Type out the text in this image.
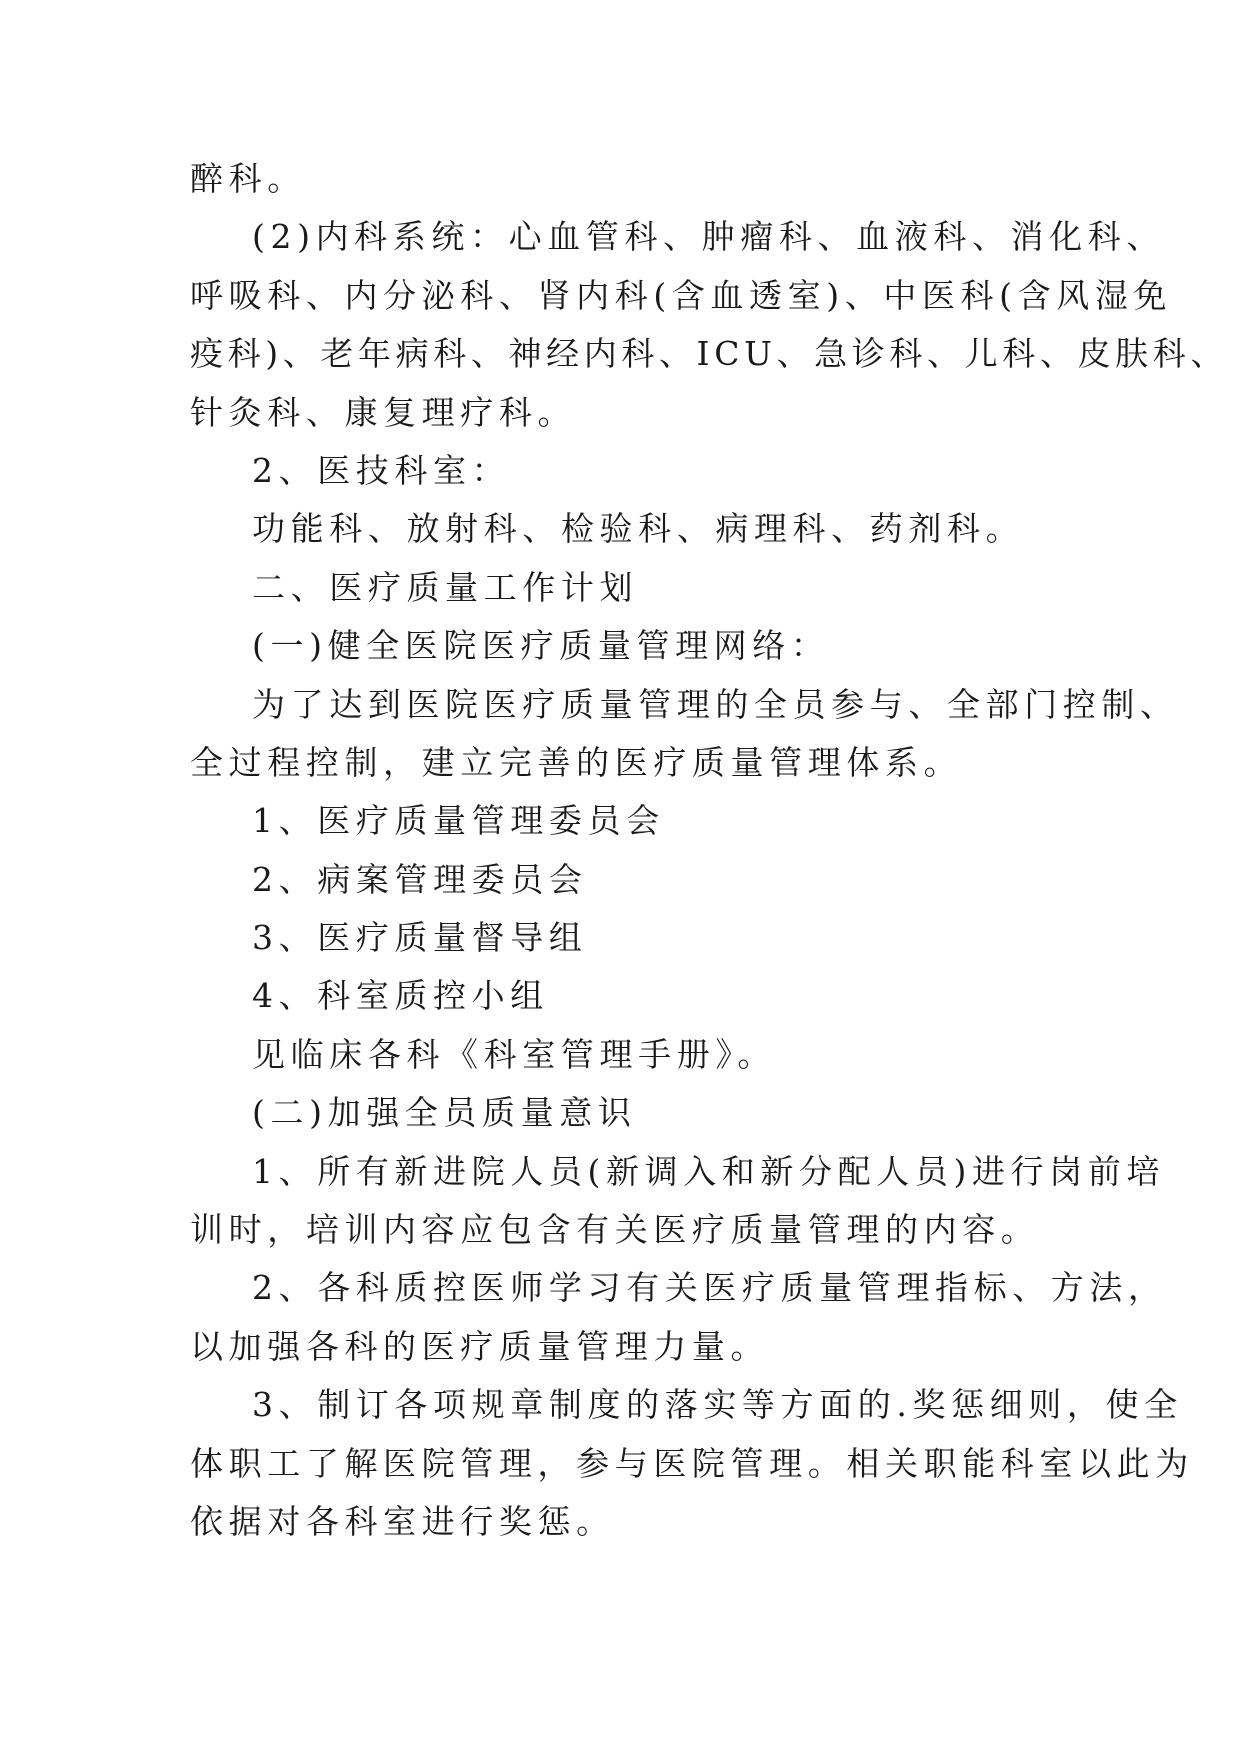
醉科。
(2)内科系统：心血管科、肿瘤科、血液科、消化科、
呼吸科、内分泌科、肾内科(含血透室)、中医科(含风湿免
疫科)、老年病科、神经内科、ICU、急诊科、儿科、皮肤科、
针灸科、康复理疗科。
2、医技科室：
功能科、放射科、检验科、病理科、药剂科。
二、医疗质量工作计划
(一)健全医院医疗质量管理网络：
为了达到医院医疗质量管理的全员参与、全部门控制、
全过程控制，建立完善的医疗质量管理体系。
1、医疗质量管理委员会
2、病案管理委员会
3、医疗质量督导组
4、科室质控小组
见临床各科《科室管理手册》。
(二)加强全员质量意识
1、所有新进院人员(新调入和新分配人员)进行岗前培
训时，培训内容应包含有关医疗质量管理的内容。
2、各科质控医师学习有关医疗质量管理指标、方法，
以加强各科的医疗质量管理力量。
3、制订各项规章制度的落实等方面的.奖惩细则，使全
体职工了解医院管理，参与医院管理。相关职能科室以此为
依据对各科室进行奖惩。
